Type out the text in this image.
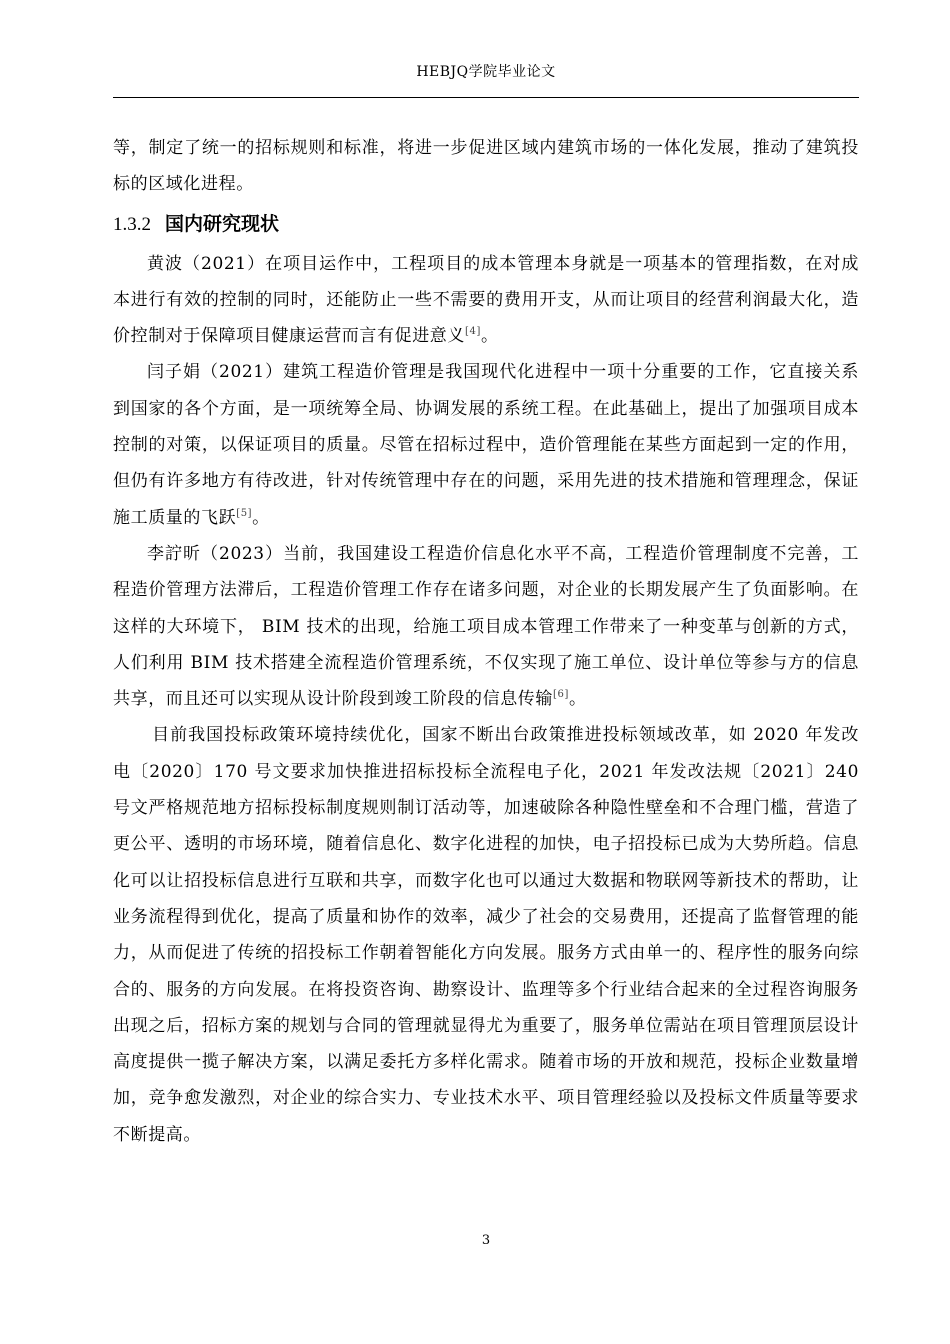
HEBJQ学院毕业论文

等，制定了统一的招标规则和标准，将进一步促进区域内建筑市场的一体化发展，推动了建筑投标的区域化进程。

1.3.2 国内研究现状

黄波（2021）在项目运作中，工程项目的成本管理本身就是一项基本的管理指数，在对成本进行有效的控制的同时，还能防止一些不需要的费用开支，从而让项目的经营利润最大化，造价控制对于保障项目健康运营而言有促进意义[4]。

闫子娟（2021）建筑工程造价管理是我国现代化进程中一项十分重要的工作，它直接关系到国家的各个方面，是一项统筹全局、协调发展的系统工程。在此基础上，提出了加强项目成本控制的对策，以保证项目的质量。尽管在招标过程中，造价管理能在某些方面起到一定的作用，但仍有许多地方有待改进，针对传统管理中存在的问题，采用先进的技术措施和管理理念，保证施工质量的飞跃[5]。

李詝昕（2023）当前，我国建设工程造价信息化水平不高，工程造价管理制度不完善，工程造价管理方法滞后，工程造价管理工作存在诸多问题，对企业的长期发展产生了负面影响。在这样的大环境下， BIM 技术的出现，给施工项目成本管理工作带来了一种变革与创新的方式，人们利用 BIM 技术搭建全流程造价管理系统，不仅实现了施工单位、设计单位等参与方的信息共享，而且还可以实现从设计阶段到竣工阶段的信息传输[6]。

目前我国投标政策环境持续优化，国家不断出台政策推进投标领域改革，如 2020 年发改电〔2020〕170 号文要求加快推进招标投标全流程电子化，2021 年发改法规〔2021〕240 号文严格规范地方招标投标制度规则制订活动等，加速破除各种隐性壁垒和不合理门槛，营造了更公平、透明的市场环境，随着信息化、数字化进程的加快，电子招投标已成为大势所趋。信息化可以让招投标信息进行互联和共享，而数字化也可以通过大数据和物联网等新技术的帮助，让业务流程得到优化，提高了质量和协作的效率，减少了社会的交易费用，还提高了监督管理的能力，从而促进了传统的招投标工作朝着智能化方向发展。服务方式由单一的、程序性的服务向综合的、服务的方向发展。在将投资咨询、勘察设计、监理等多个行业结合起来的全过程咨询服务出现之后，招标方案的规划与合同的管理就显得尤为重要了，服务单位需站在项目管理顶层设计高度提供一揽子解决方案，以满足委托方多样化需求。随着市场的开放和规范，投标企业数量增加，竞争愈发激烈，对企业的综合实力、专业技术水平、项目管理经验以及投标文件质量等要求不断提高。

3
